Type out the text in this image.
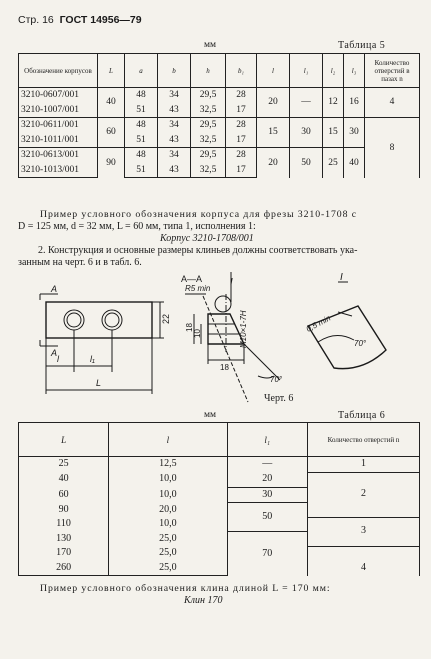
Стр. 16 ГОСТ 14956—79
мм	Таблица 5
Обозначение корпусов	L	a	b	h	b₁	l	l₁	l₂	l₃	Количество отверстий в пазах n
3210-0607/001	40	48	34	29,5	28	20	—	12	16	4
3210-1007/001		51	43	32,5	17					
3210-0611/001	60	48	34	29,5	28	15	30	15	30	8
3210-1011/001		51	43	32,5	17					
3210-0613/001	90	48	34	29,5	28	20	50	25	40	
3210-1013/001		51	43	32,5	17					
Пример условного обозначения корпуса для фрезы 3210-1708 с
D = 125 мм, d = 32 мм, L = 60 мм, типа 1, исполнения 1:
Корпус 3210-1708/001
2. Конструкция и основные размеры клиньев должны соответствовать ука-
занным на черт. 6 и в табл. 6.
А—А	I	I
R5 min
М10×1-7Н
22
10
18
18
70°
70°
0,5 min
L
l	l₁
А
А
Черт. 6
мм	Таблица 6
L	l	l₁	Количество отверстий n
25	12,5	—	1
40	10,0	20	2
60	10,0	30	
90	20,0	50	
110	10,0		3
130	25,0	70	
170	25,0		4
260	25,0		
Пример условного обозначения клина длиной L = 170 мм:
Клин 170
